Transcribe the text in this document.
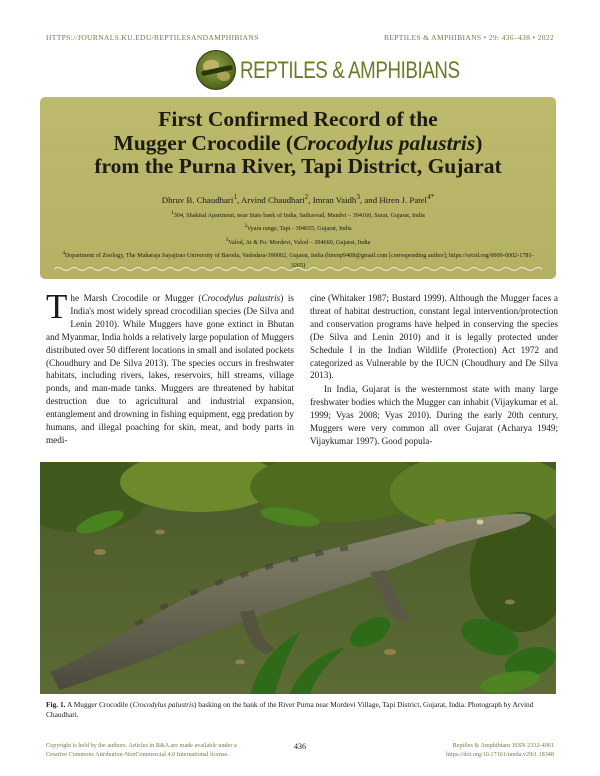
HTTPS://JOURNALS.KU.EDU/REPTILESANDAMPHIBIANS	REPTILES & AMPHIBIANS • 29: 436–438 • 2022
REPTILES & AMPHIBIANS
First Confirmed Record of the
Mugger Crocodile (Crocodylus palustris)
from the Purna River, Tapi District, Gujarat
Dhruv B. Chaudhari$^1$, Arvind Chaudhari$^2$, Imran Vaidh$^3$, and Hiren J. Patel$^{4*}$
$^1$304, Shakital Apartment, near State bank of India, Sathavrad, Mandvi – 394160, Surat, Gujarat, India
$^2$Vyara range, Tapi - 394655, Gujarat, India
$^3$Valod, At & Po: Mordevi, Valod – 394660, Gujarat, India
$^4$Department of Zoology, The Maharaja Sayajirao University of Baroda, Vadodara-390002, Gujarat, India (hirenp9408@gmail.com [corresponding author]; https://orcid.org/0000-0002-1781-3265)

The Marsh Crocodile or Mugger (Crocodylus palustris) is India's most widely spread crocodilian species (De Silva and Lenin 2010). While Muggers have gone extinct in Bhutan and Myanmar, India holds a relatively large population of Muggers distributed over 50 different locations in small and isolated pockets (Choudhury and De Silva 2013). The species occurs in freshwater habitats, including rivers, lakes, reservoirs, hill streams, village ponds, and man-made tanks. Muggers are threatened by habitat destruction due to agricultural and industrial expansion, entanglement and drowning in fishing equipment, egg predation by humans, and illegal poaching for skin, meat, and body parts in medi-

cine (Whitaker 1987; Bustard 1999). Although the Mugger faces a threat of habitat destruction, constant legal intervention/protection and conservation programs have helped in conserving the species (De Silva and Lenin 2010) and it is legally protected under Schedule I in the Indian Wildlife (Protection) Act 1972 and categorized as Vulnerable by the IUCN (Choudhury and De Silva 2013).

In India, Gujarat is the westernmost state with many large freshwater bodies which the Mugger can inhabit (Vijaykumar et al. 1999; Vyas 2008; Vyas 2010). During the early 20th century, Muggers were very common all over Gujarat (Acharya 1949; Vijaykumar 1997). Good popula-

Fig. 1. A Mugger Crocodile (Crocodylus palustris) basking on the bank of the River Purna near Mordevi Village, Tapi District, Gujarat, India. Photograph by Arvind Chaudhari.
Copyright is held by the authors. Articles in R&A are made available under a
Creative Commons Attribution-NonCommercial 4.0 International license.
436	Reptiles & Amphibians ISSN 2332-4961
https://doi.org/10.17161/randa.v29i1.18348
